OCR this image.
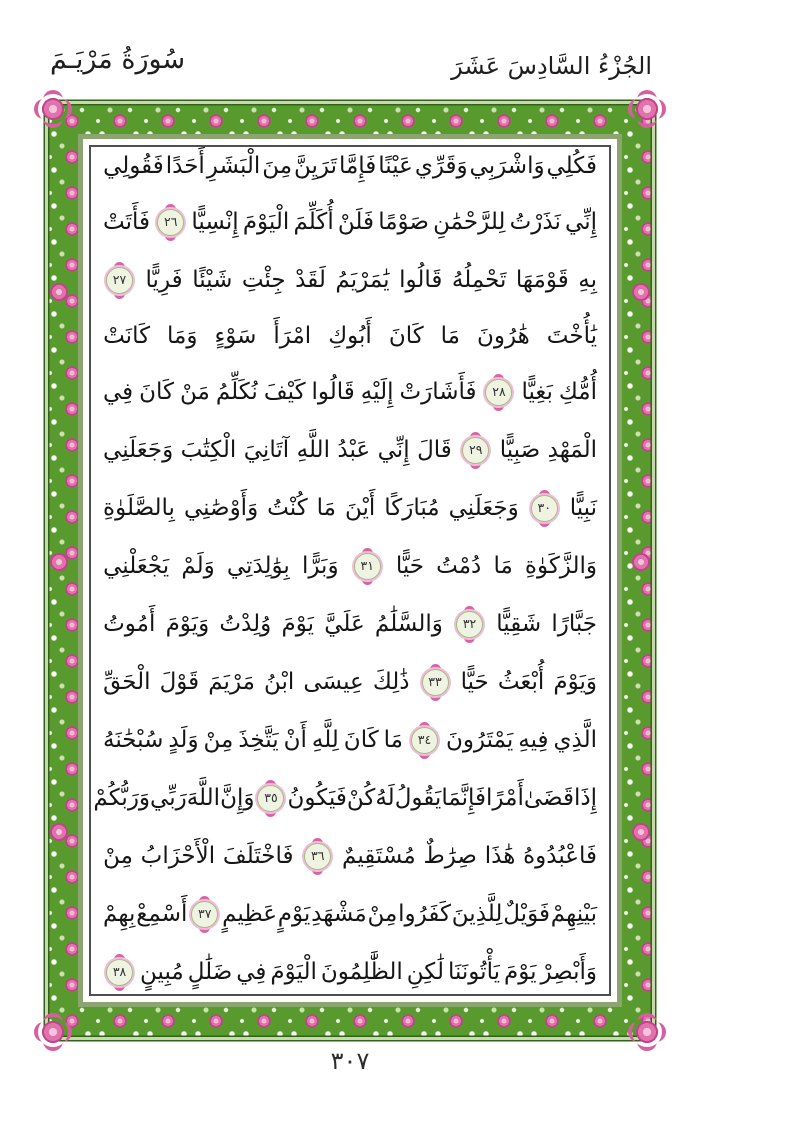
سُورَةُ مَرْيَـمَ	الجُزْءُ السَّادِسَ عَشَرَ
فَكُلِي
وَاشْرَبِي
وَقَرِّي
عَيْنًا
فَإِمَّا
تَرَيِنَّ
مِنَ
الْبَشَرِ
أَحَدًا
فَقُولِي
إِنِّي
نَذَرْتُ
لِلرَّحْمَٰنِ
صَوْمًا
فَلَنْ
أُكَلِّمَ
الْيَوْمَ
إِنْسِيًّا
٢٦
فَأَتَتْ
بِهِ
قَوْمَهَا
تَحْمِلُهُ
قَالُوا
يَٰمَرْيَمُ
لَقَدْ
جِئْتِ
شَيْئًا
فَرِيًّا
٢٧
يَٰأُخْتَ
هَٰرُونَ
مَا
كَانَ
أَبُوكِ
امْرَأَ
سَوْءٍ
وَمَا
كَانَتْ
أُمُّكِ
بَغِيًّا
٢٨
فَأَشَارَتْ
إِلَيْهِ
قَالُوا
كَيْفَ
نُكَلِّمُ
مَنْ
كَانَ
فِي
الْمَهْدِ
صَبِيًّا
٢٩
قَالَ
إِنِّي
عَبْدُ
اللَّهِ
آتَانِيَ
الْكِتَٰبَ
وَجَعَلَنِي
نَبِيًّا
٣٠
وَجَعَلَنِي
مُبَارَكًا
أَيْنَ
مَا
كُنْتُ
وَأَوْصَٰنِي
بِالصَّلَوٰةِ
وَالزَّكَوٰةِ
مَا
دُمْتُ
حَيًّا
٣١
وَبَرًّا
بِوَٰلِدَتِي
وَلَمْ
يَجْعَلْنِي
جَبَّارًا
شَقِيًّا
٣٢
وَالسَّلَٰمُ
عَلَيَّ
يَوْمَ
وُلِدْتُ
وَيَوْمَ
أَمُوتُ
وَيَوْمَ
أُبْعَثُ
حَيًّا
٣٣
ذَٰلِكَ
عِيسَى
ابْنُ
مَرْيَمَ
قَوْلَ
الْحَقِّ
الَّذِي
فِيهِ
يَمْتَرُونَ
٣٤
مَا
كَانَ
لِلَّهِ
أَنْ
يَتَّخِذَ
مِنْ
وَلَدٍ
سُبْحَٰنَهُ
إِذَا
قَضَىٰ
أَمْرًا
فَإِنَّمَا
يَقُولُ
لَهُ
كُنْ
فَيَكُونُ
٣٥
وَإِنَّ
اللَّهَ
رَبِّي
وَرَبُّكُمْ
فَاعْبُدُوهُ
هَٰذَا
صِرَٰطٌ
مُسْتَقِيمٌ
٣٦
فَاخْتَلَفَ
الْأَحْزَابُ
مِنْ
بَيْنِهِمْ
فَوَيْلٌ
لِلَّذِينَ
كَفَرُوا
مِنْ
مَشْهَدِ
يَوْمٍ
عَظِيمٍ
٣٧
أَسْمِعْ
بِهِمْ
وَأَبْصِرْ
يَوْمَ
يَأْتُونَنَا
لَٰكِنِ
الظَّٰلِمُونَ
الْيَوْمَ
فِي
ضَلَٰلٍ
مُبِينٍ
٣٨
٣٠٧
